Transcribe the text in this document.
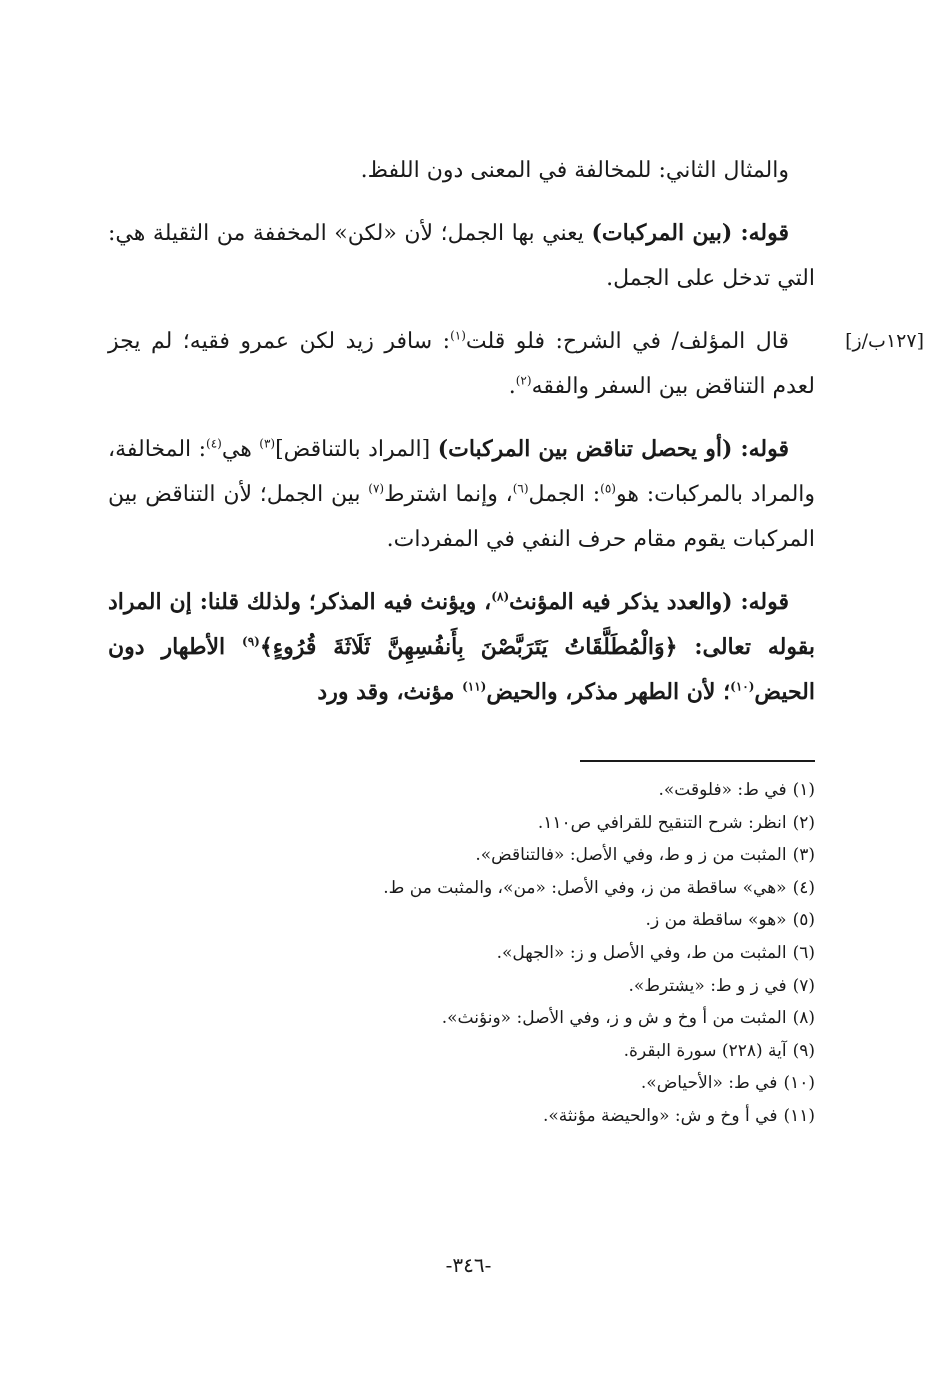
[١٢٧ب/ز]

والمثال الثاني: للمخالفة في المعنى دون اللفظ.

قوله: (بين المركبات) يعني بها الجمل؛ لأن «لكن» المخففة من الثقيلة هي: التي تدخل على الجمل.

قال المؤلف/ في الشرح: فلو قلت$^{(١)}$: سافر زيد لكن عمرو فقيه؛ لم يجز لعدم التناقض بين السفر والفقه$^{(٢)}$.

قوله: (أو يحصل تناقض بين المركبات) [المراد بالتناقض]$^{(٣)}$ هي$^{(٤)}$: المخالفة، والمراد بالمركبات: هو$^{(٥)}$: الجمل$^{(٦)}$، وإنما اشترط$^{(٧)}$ بين الجمل؛ لأن التناقض بين المركبات يقوم مقام حرف النفي في المفردات.

قوله: (والعدد يذكر فيه المؤنث$^{(٨)}$، ويؤنث فيه المذكر؛ ولذلك قلنا: إن المراد بقوله تعالى: ﴿وَالْمُطَلَّقَاتُ يَتَرَبَّصْنَ بِأَنفُسِهِنَّ ثَلَاثَةَ قُرُوءٍ﴾$^{(٩)}$ الأطهار دون الحيض$^{(١٠)}$؛ لأن الطهر مذكر، والحيض$^{(١١)}$ مؤنث، وقد ورد

(١)في ط: «فلوقت».
(٢)انظر: شرح التنقيح للقرافي ص١١٠.
(٣)المثبت من ز و ط، وفي الأصل: «فالتناقض».
(٤)«هي» ساقطة من ز، وفي الأصل: «من»، والمثبت من ط.
(٥)«هو» ساقطة من ز.
(٦)المثبت من ط، وفي الأصل و ز: «الجهل».
(٧)في ز و ط: «يشترط».
(٨)المثبت من أ وخ و ش و ز، وفي الأصل: «ونؤنث».
(٩)آية (٢٢٨) سورة البقرة.
(١٠)في ط: «الأحياض».
(١١)في أ وخ و ش: «والحيضة مؤنثة».
-٣٤٦-
